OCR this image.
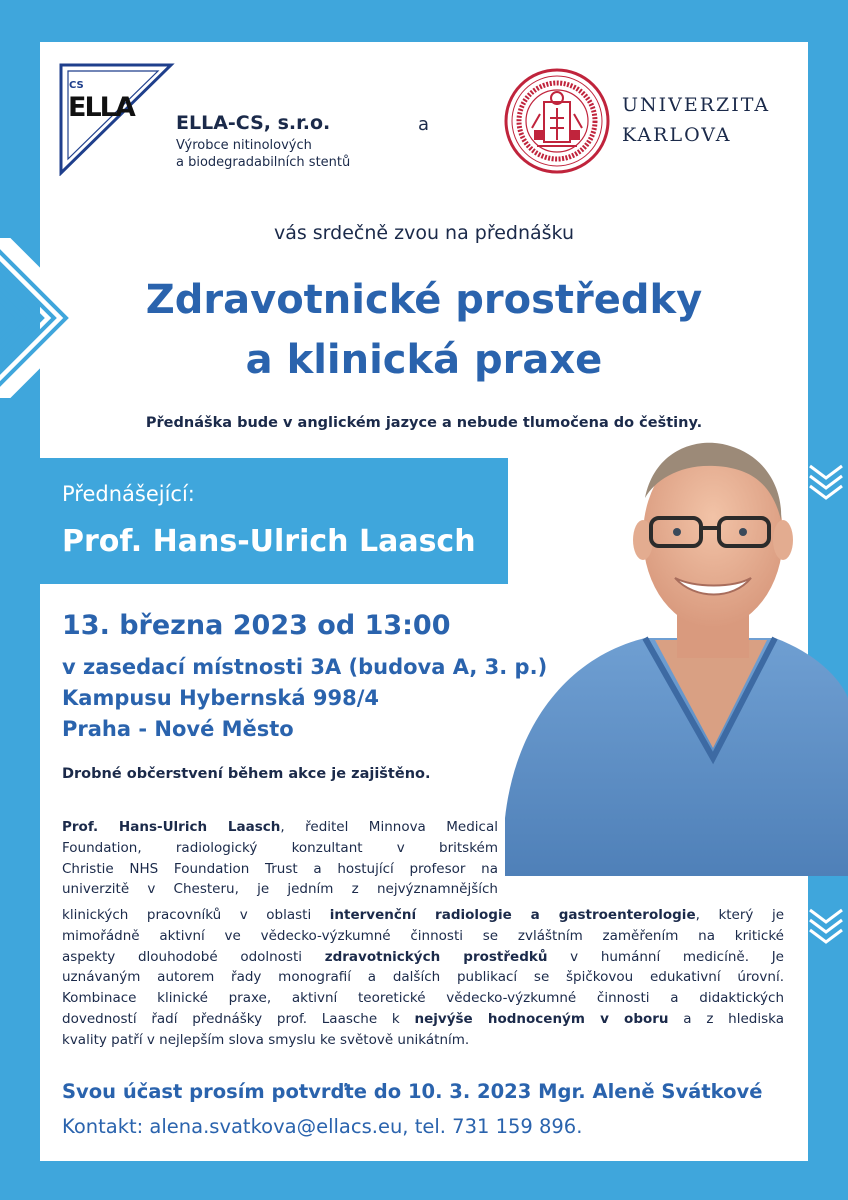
CS
ELLA ELLA-CS, s.r.o.
Výrobce nitinolových
a biodegradabilních stentů
a
UNIVERZITA
KARLOVA
vás srdečně zvou na přednášku
Zdravotnické prostředky
a klinická praxe
Přednáška bude v anglickém jazyce a nebude tlumočena do češtiny.
Přednášející:
Prof. Hans-Ulrich Laasch
13. března 2023 od 13:00
v zasedací místnosti 3A (budova A, 3. p.)
Kampusu Hybernská 998/4
Praha - Nové Město
Drobné občerstvení během akce je zajištěno.
Prof. Hans-Ulrich Laasch, ředitel Minnova Medical
Foundation, radiologický konzultant v britském
Christie NHS Foundation Trust a hostující profesor na
univerzitě v Chesteru, je jedním z nejvýznamnějších
klinických pracovníků v oblasti intervenční radiologie a gastroenterologie, který je
mimořádně aktivní ve vědecko-výzkumné činnosti se zvláštním zaměřením na kritické
aspekty dlouhodobé odolnosti zdravotnických prostředků v humánní medicíně. Je
uznávaným autorem řady monografií a dalších publikací se špičkovou edukativní úrovní.
Kombinace klinické praxe, aktivní teoretické vědecko-výzkumné činnosti a didaktických
dovedností řadí přednášky prof. Laasche k nejvýše hodnoceným v oboru a z hlediska
kvality patří v nejlepším slova smyslu ke světově unikátním.
Svou účast prosím potvrďte do 10. 3. 2023 Mgr. Aleně Svátkové
Kontakt: alena.svatkova@ellacs.eu, tel. 731 159 896.
